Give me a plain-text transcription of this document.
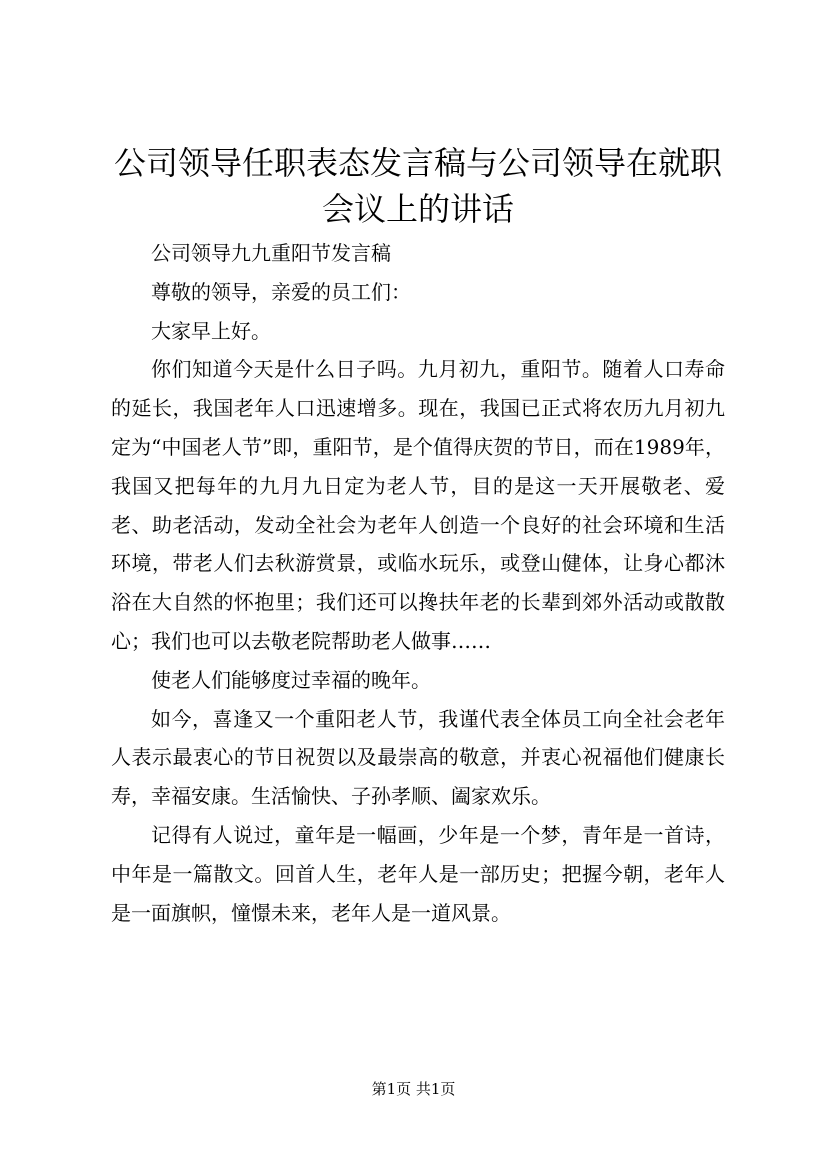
公司领导任职表态发言稿与公司领导在就职会议上的讲话

公司领导九九重阳节发言稿

尊敬的领导，亲爱的员工们：

大家早上好。

你们知道今天是什么日子吗。九月初九，重阳节。随着人口寿命的延长，我国老年人口迅速增多。现在，我国已正式将农历九月初九定为“中国老人节”即，重阳节，是个值得庆贺的节日，而在1989年，我国又把每年的九月九日定为老人节，目的是这一天开展敬老、爱老、助老活动，发动全社会为老年人创造一个良好的社会环境和生活环境，带老人们去秋游赏景，或临水玩乐，或登山健体，让身心都沐浴在大自然的怀抱里；我们还可以搀扶年老的长辈到郊外活动或散散心；我们也可以去敬老院帮助老人做事……

使老人们能够度过幸福的晚年。

如今，喜逢又一个重阳老人节，我谨代表全体员工向全社会老年人表示最衷心的节日祝贺以及最崇高的敬意，并衷心祝福他们健康长寿，幸福安康。生活愉快、子孙孝顺、阖家欢乐。

记得有人说过，童年是一幅画，少年是一个梦，青年是一首诗，中年是一篇散文。回首人生，老年人是一部历史；把握今朝，老年人是一面旗帜，憧憬未来，老年人是一道风景。

第1页 共1页
